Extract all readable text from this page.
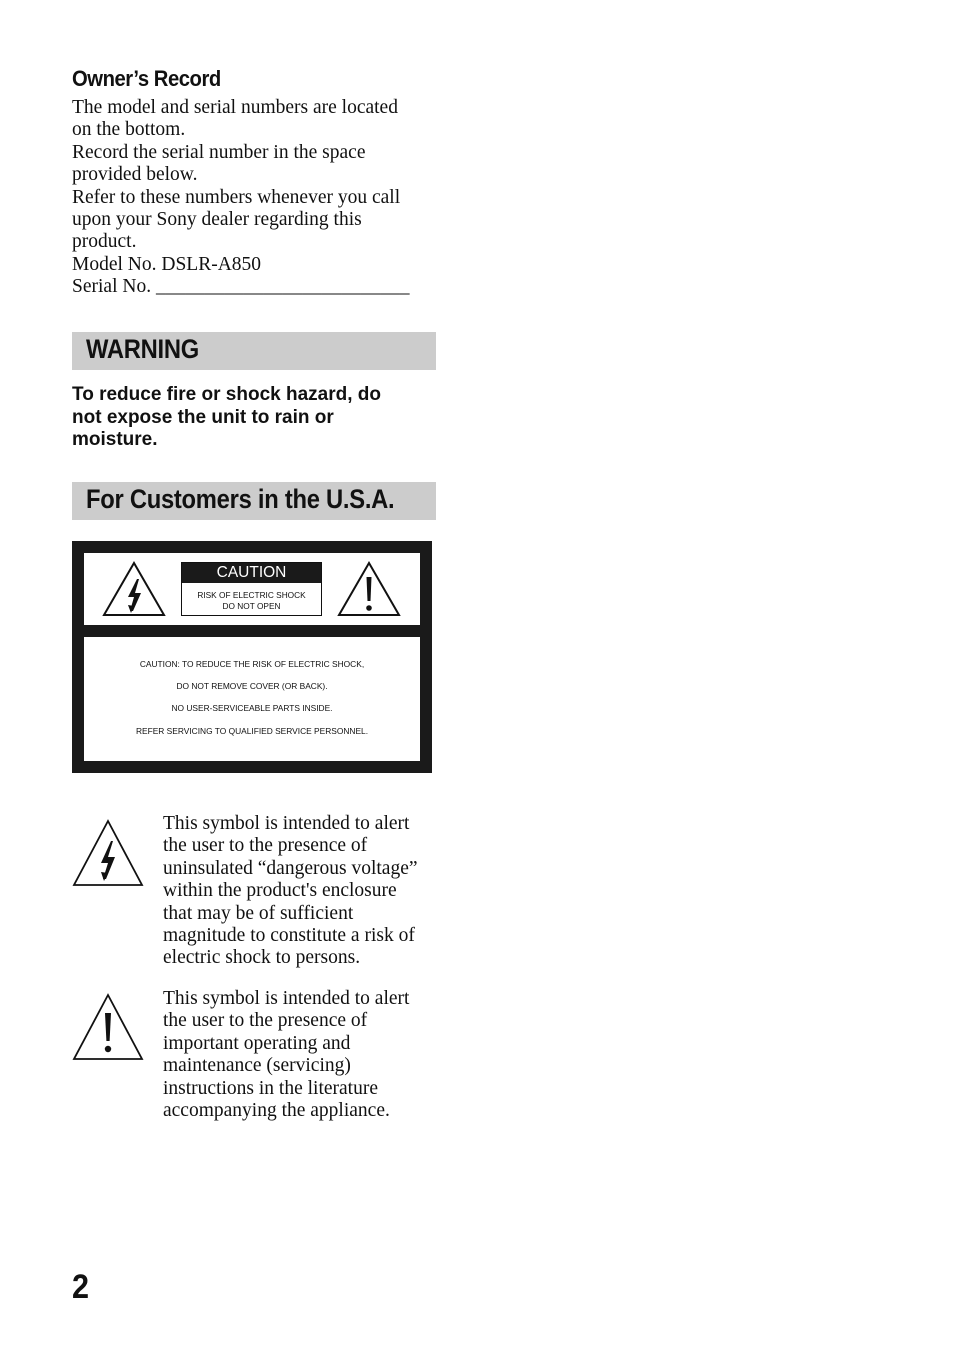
Owner’s Record
The model and serial numbers are located
on the bottom.
Record the serial number in the space
provided below.
Refer to these numbers whenever you call
upon your Sony dealer regarding this
product.
Model No. DSLR-A850
Serial No. __________________________
WARNING
To reduce fire or shock hazard, do
not expose the unit to rain or
moisture.
For Customers in the U.S.A.
CAUTION
RISK OF ELECTRIC SHOCK
DO NOT OPEN
CAUTION: TO REDUCE THE RISK OF ELECTRIC SHOCK,
DO NOT REMOVE COVER (OR BACK).
NO USER-SERVICEABLE PARTS INSIDE.
REFER SERVICING TO QUALIFIED SERVICE PERSONNEL.
This symbol is intended to alert
the user to the presence of
uninsulated “dangerous voltage”
within the product's enclosure
that may be of sufficient
magnitude to constitute a risk of
electric shock to persons.
This symbol is intended to alert
the user to the presence of
important operating and
maintenance (servicing)
instructions in the literature
accompanying the appliance.
2
